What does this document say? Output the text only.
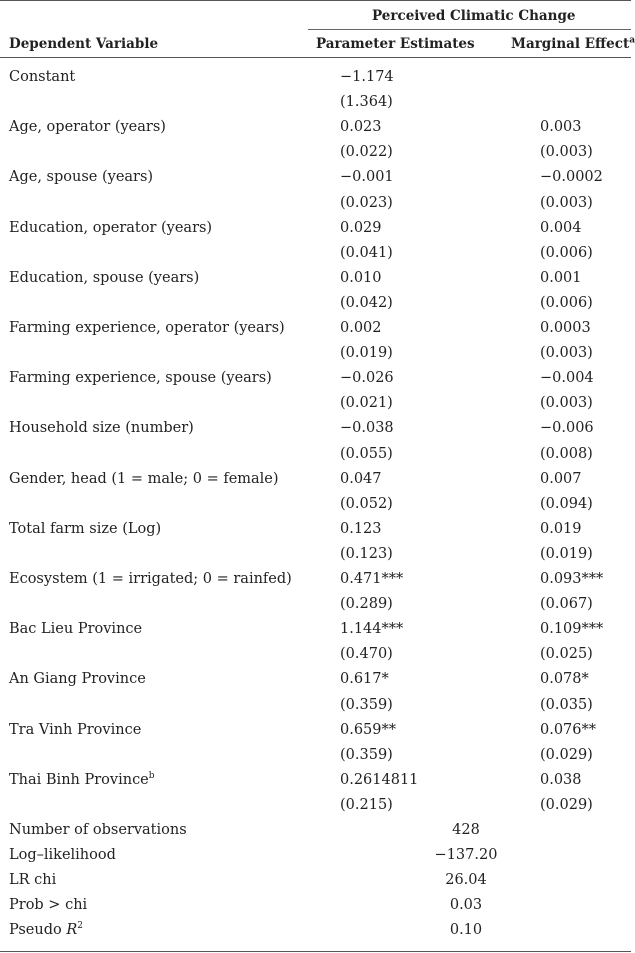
Perceived Climatic Change
Dependent Variable	Parameter Estimates	Marginal Effect$^a$
Constant	−1.174
(1.364)
Age, operator (years)	0.023	0.003
(0.022)	(0.003)
Age, spouse (years)	−0.001	−0.0002
(0.023)	(0.003)
Education, operator (years)	0.029	0.004
(0.041)	(0.006)
Education, spouse (years)	0.010	0.001
(0.042)	(0.006)
Farming experience, operator (years)	0.002	0.0003
(0.019)	(0.003)
Farming experience, spouse (years)	−0.026	−0.004
(0.021)	(0.003)
Household size (number)	−0.038	−0.006
(0.055)	(0.008)
Gender, head (1 = male; 0 = female)	0.047	0.007
(0.052)	(0.094)
Total farm size (Log)	0.123	0.019
(0.123)	(0.019)
Ecosystem (1 = irrigated; 0 = rainfed)	0.471***	0.093***
(0.289)	(0.067)
Bac Lieu Province	1.144***	0.109***
(0.470)	(0.025)
An Giang Province	0.617*	0.078*
(0.359)	(0.035)
Tra Vinh Province	0.659**	0.076**
(0.359)	(0.029)
Thai Binh Province$^b$	0.2614811	0.038
(0.215)	(0.029)
Number of observations	428
Log–likelihood	−137.20
LR chi	26.04
Prob > chi	0.03
Pseudo $R^2$	0.10
